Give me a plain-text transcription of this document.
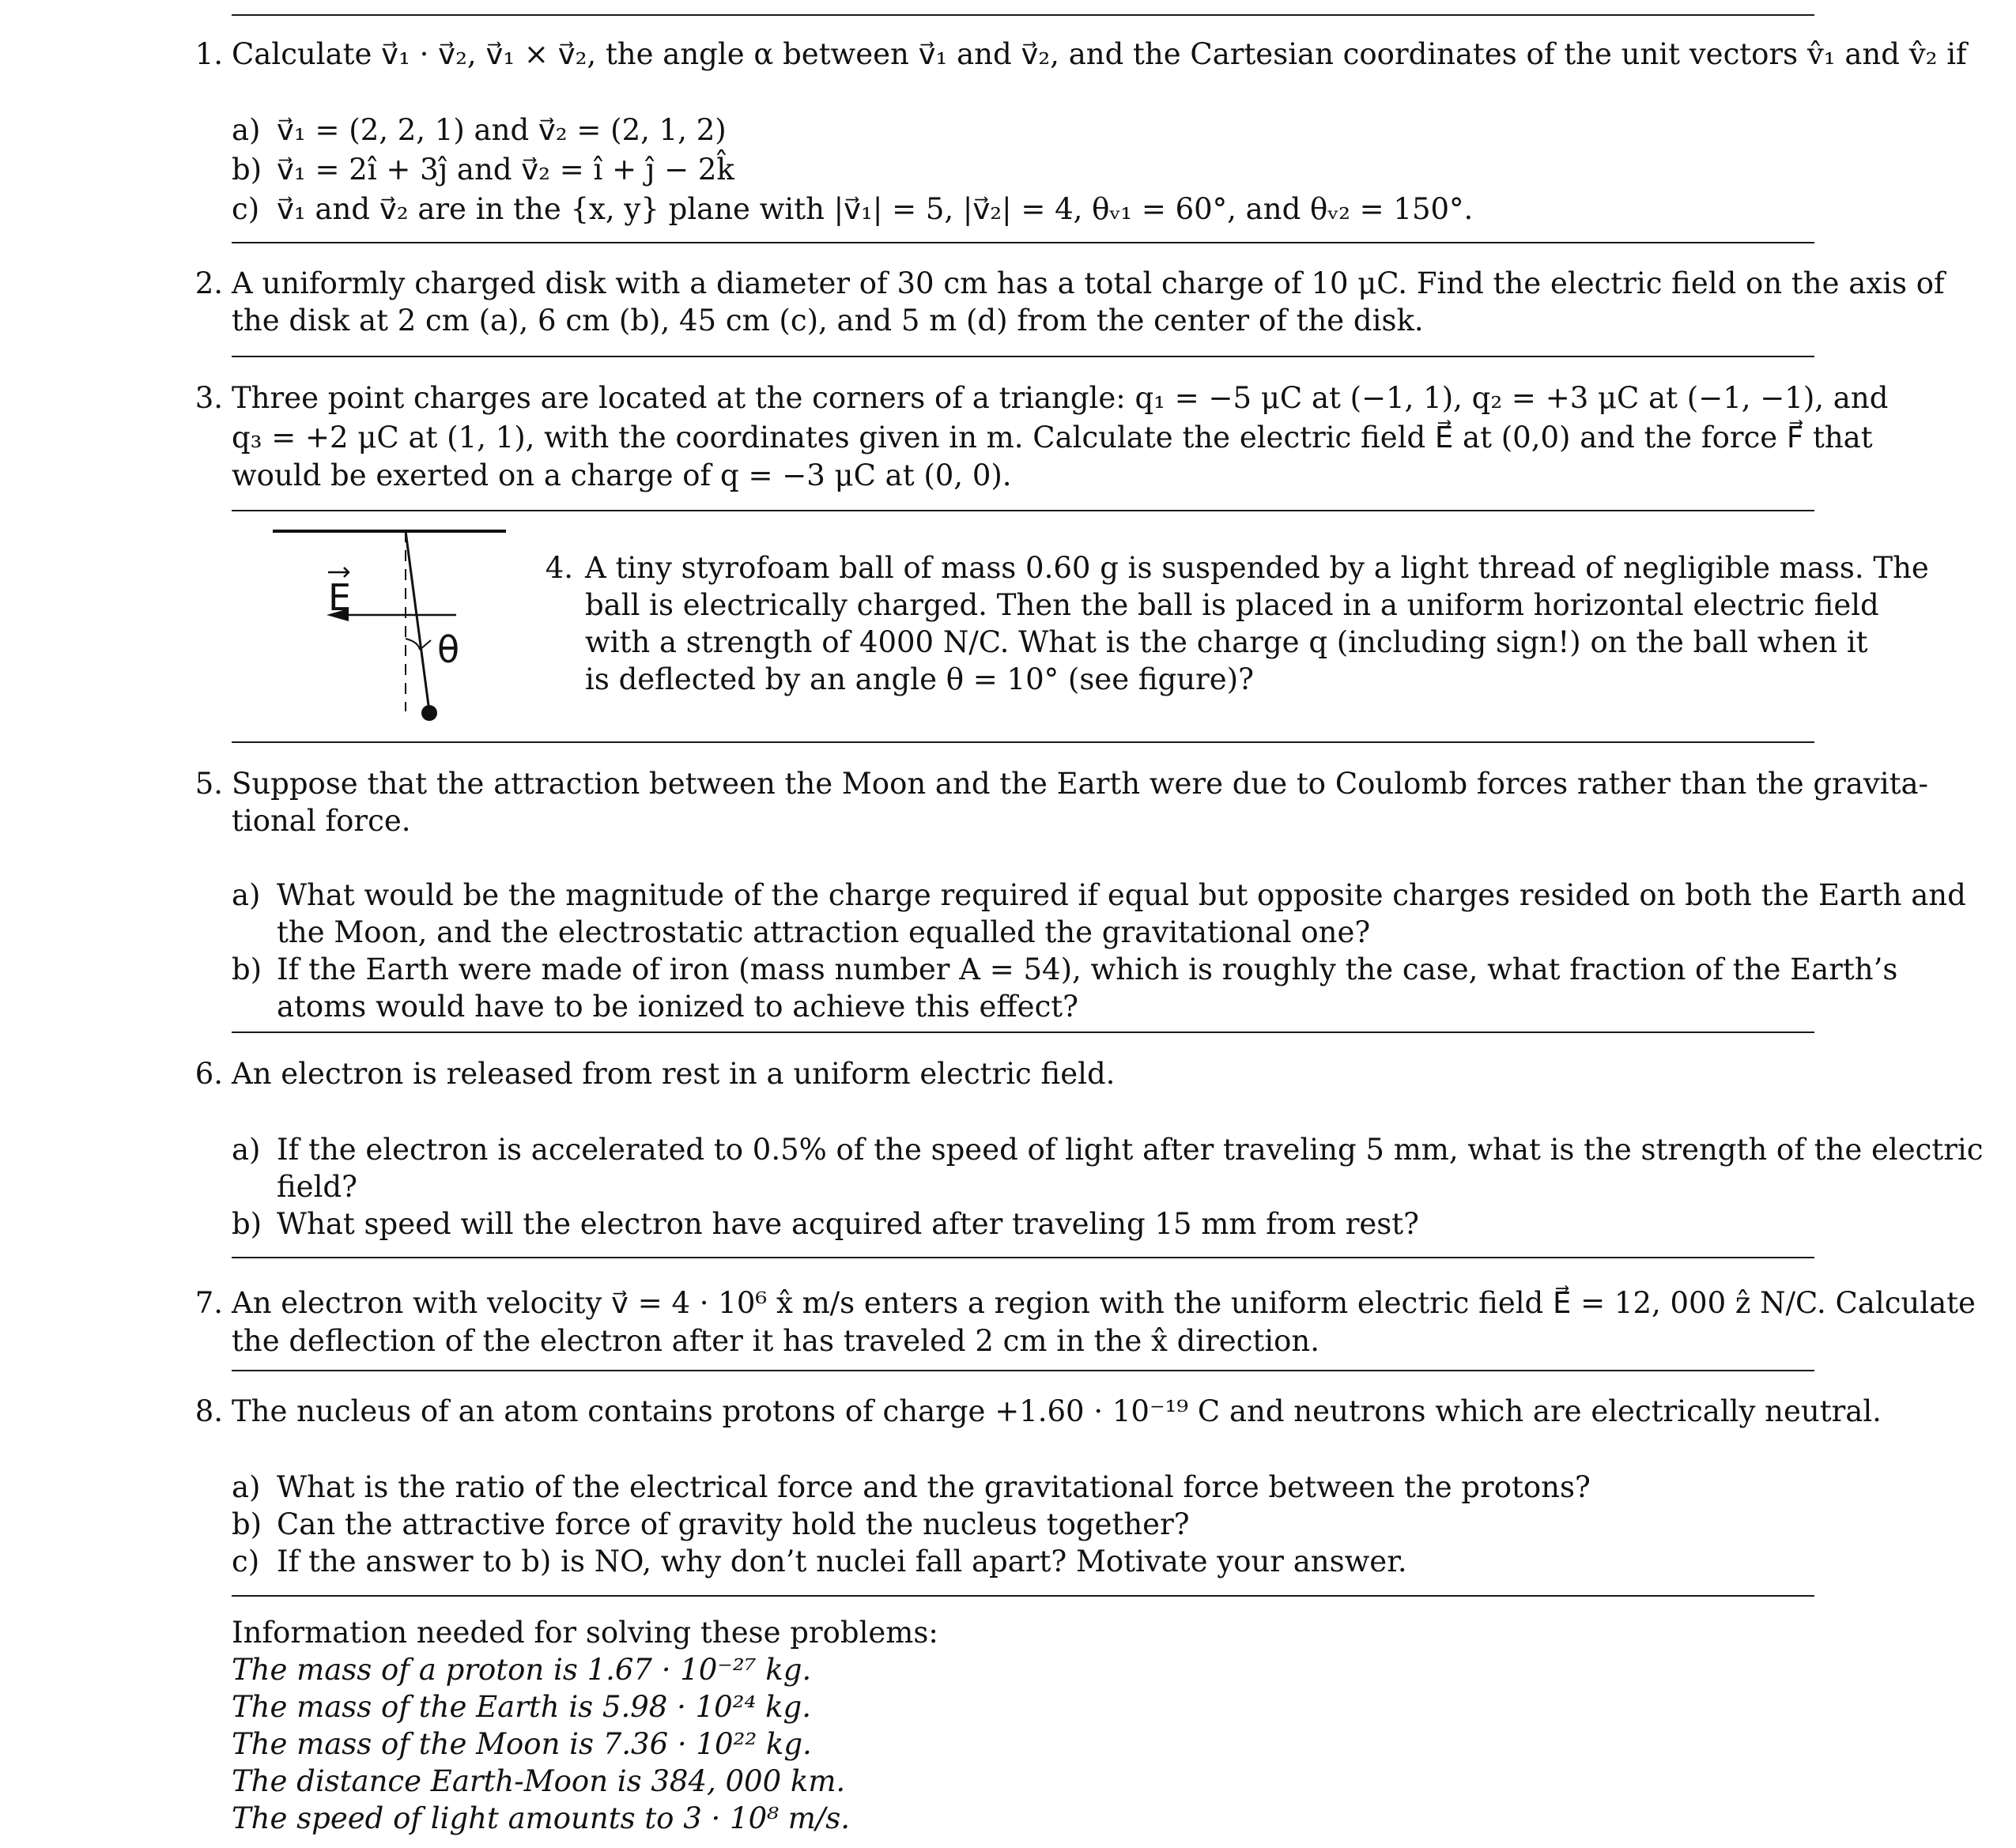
1. Calculate v⃗₁ · v⃗₂, v⃗₁ × v⃗₂, the angle α between v⃗₁ and v⃗₂, and the Cartesian coordinates of the unit vectors v̂₁ and v̂₂ if
a) v⃗₁ = (2, 2, 1) and v⃗₂ = (2, 1, 2)
b) v⃗₁ = 2î + 3ĵ and v⃗₂ = î + ĵ − 2k̂
c) v⃗₁ and v⃗₂ are in the {x, y} plane with |v⃗₁| = 5, |v⃗₂| = 4, θᵥ₁ = 60°, and θᵥ₂ = 150°.
2. A uniformly charged disk with a diameter of 30 cm has a total charge of 10 μC. Find the electric field on the axis of
the disk at 2 cm (a), 6 cm (b), 45 cm (c), and 5 m (d) from the center of the disk.
3. Three point charges are located at the corners of a triangle: q₁ = −5 μC at (−1, 1), q₂ = +3 μC at (−1, −1), and
q₃ = +2 μC at (1, 1), with the coordinates given in m. Calculate the electric field E⃗ at (0,0) and the force F⃗ that
would be exerted on a charge of q = −3 μC at (0, 0).
E
θ
4. A tiny styrofoam ball of mass 0.60 g is suspended by a light thread of negligible mass. The
ball is electrically charged. Then the ball is placed in a uniform horizontal electric field
with a strength of 4000 N/C. What is the charge q (including sign!) on the ball when it
is deflected by an angle θ = 10° (see figure)?
5. Suppose that the attraction between the Moon and the Earth were due to Coulomb forces rather than the gravita-
tional force.
a) What would be the magnitude of the charge required if equal but opposite charges resided on both the Earth and
the Moon, and the electrostatic attraction equalled the gravitational one?
b) If the Earth were made of iron (mass number A = 54), which is roughly the case, what fraction of the Earth’s
atoms would have to be ionized to achieve this effect?
6. An electron is released from rest in a uniform electric field.
a) If the electron is accelerated to 0.5% of the speed of light after traveling 5 mm, what is the strength of the electric
field?
b) What speed will the electron have acquired after traveling 15 mm from rest?
7. An electron with velocity v⃗ = 4 · 10⁶ x̂ m/s enters a region with the uniform electric field E⃗ = 12, 000 ẑ N/C. Calculate
the deflection of the electron after it has traveled 2 cm in the x̂ direction.
8. The nucleus of an atom contains protons of charge +1.60 · 10⁻¹⁹ C and neutrons which are electrically neutral.
a) What is the ratio of the electrical force and the gravitational force between the protons?
b) Can the attractive force of gravity hold the nucleus together?
c) If the answer to b) is NO, why don’t nuclei fall apart? Motivate your answer.
Information needed for solving these problems:
The mass of a proton is 1.67 · 10⁻²⁷ kg.
The mass of the Earth is 5.98 · 10²⁴ kg.
The mass of the Moon is 7.36 · 10²² kg.
The distance Earth-Moon is 384, 000 km.
The speed of light amounts to 3 · 10⁸ m/s.
